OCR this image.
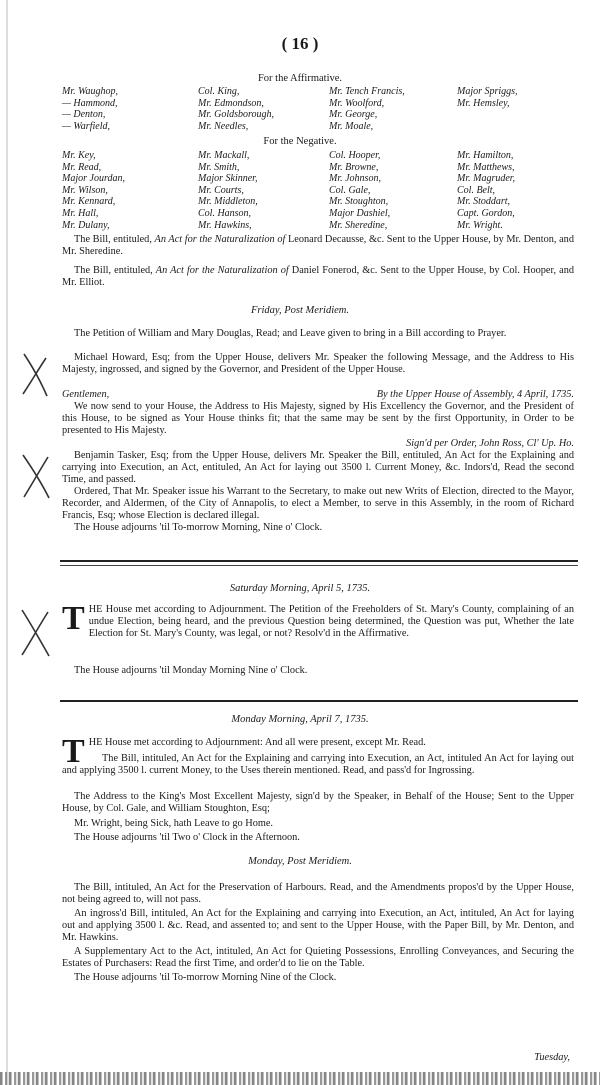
( 16 )
For the Affirmative.
Mr. Waughop,	Col. King,	Mr. Tench Francis,	Major Spriggs,
— Hammond,	Mr. Edmondson,	Mr. Woolford,	Mr. Hemsley,
— Denton,	Mr. Goldsborough,	Mr. George,
— Warfield,	Mr. Needles,	Mr. Moale,
For the Negative.
Mr. Key,	Mr. Mackall,	Col. Hooper,	Mr. Hamilton,
Mr. Read,	Mr. Smith,	Mr. Browne,	Mr. Matthews,
Major Jourdan,	Major Skinner,	Mr. Johnson,	Mr. Magruder,
Mr. Wilson,	Mr. Courts,	Col. Gale,	Col. Belt,
Mr. Kennard,	Mr. Middleton,	Mr. Stoughton,	Mr. Stoddart,
Mr. Hall,	Col. Hanson,	Major Dashiel,	Capt. Gordon,
Mr. Dulany,	Mr. Hawkins,	Mr. Sheredine,	Mr. Wright.
The Bill, entituled, An Act for the Naturalization of Leonard Decausse, &c. Sent to the Upper House, by Mr. Denton, and Mr. Sheredine.
The Bill, entituled, An Act for the Naturalization of Daniel Fonerod, &c. Sent to the Upper House, by Col. Hooper, and Mr. Elliot.
Friday, Post Meridiem.
The Petition of William and Mary Douglas, Read; and Leave given to bring in a Bill according to Prayer.
Michael Howard, Esq; from the Upper House, delivers Mr. Speaker the following Message, and the Address to His Majesty, ingrossed, and signed by the Governor, and President of the Upper House.
Gentlemen,	By the Upper House of Assembly, 4 April, 1735.
We now send to your House, the Address to His Majesty, signed by His Excellency the Governor, and the President of this House, to be signed as Your House thinks fit; that the same may be sent by the first Opportunity, in Order to be presented to His Majesty.
Sign'd per Order, John Ross, Cl' Up. Ho.
Benjamin Tasker, Esq; from the Upper House, delivers Mr. Speaker the Bill, entituled, An Act for the Explaining and carrying into Execution, an Act, entituled, An Act for laying out 3500 l. Current Money, &c. Indors'd, Read the second Time, and passed.
Ordered, That Mr. Speaker issue his Warrant to the Secretary, to make out new Writs of Election, directed to the Mayor, Recorder, and Aldermen, of the City of Annapolis, to elect a Member, to serve in this Assembly, in the room of Richard Francis, Esq; whose Election is declared illegal.
The House adjourns 'til To-morrow Morning, Nine o' Clock.
Saturday Morning, April 5, 1735.
THE House met according to Adjournment. The Petition of the Freeholders of St. Mary's County, complaining of an undue Election, being heard, and the previous Question being determined, the Question was put, Whether the late Election for St. Mary's County, was legal, or not? Resolv'd in the Affirmative.
The House adjourns 'til Monday Morning Nine o' Clock.
Monday Morning, April 7, 1735.
THE House met according to Adjournment: And all were present, except Mr. Read.
The Bill, intituled, An Act for the Explaining and carrying into Execution, an Act, intituled An Act for laying out and applying 3500 l. current Money, to the Uses therein mentioned. Read, and pass'd for Ingrossing.
The Address to the King's Most Excellent Majesty, sign'd by the Speaker, in Behalf of the House; Sent to the Upper House, by Col. Gale, and William Stoughton, Esq;
Mr. Wright, being Sick, hath Leave to go Home.
The House adjourns 'til Two o' Clock in the Afternoon.
Monday, Post Meridiem.
The Bill, intituled, An Act for the Preservation of Harbours. Read, and the Amendments propos'd by the Upper House, not being agreed to, will not pass.
An ingross'd Bill, intituled, An Act for the Explaining and carrying into Execution, an Act, intituled, An Act for laying out and applying 3500 l. &c. Read, and assented to; and sent to the Upper House, with the Paper Bill, by Mr. Denton, and Mr. Hawkins.
A Supplementary Act to the Act, intituled, An Act for Quieting Possessions, Enrolling Conveyances, and Securing the Estates of Purchasers: Read the first Time, and order'd to lie on the Table.
The House adjourns 'til To-morrow Morning Nine of the Clock.
Tuesday,
